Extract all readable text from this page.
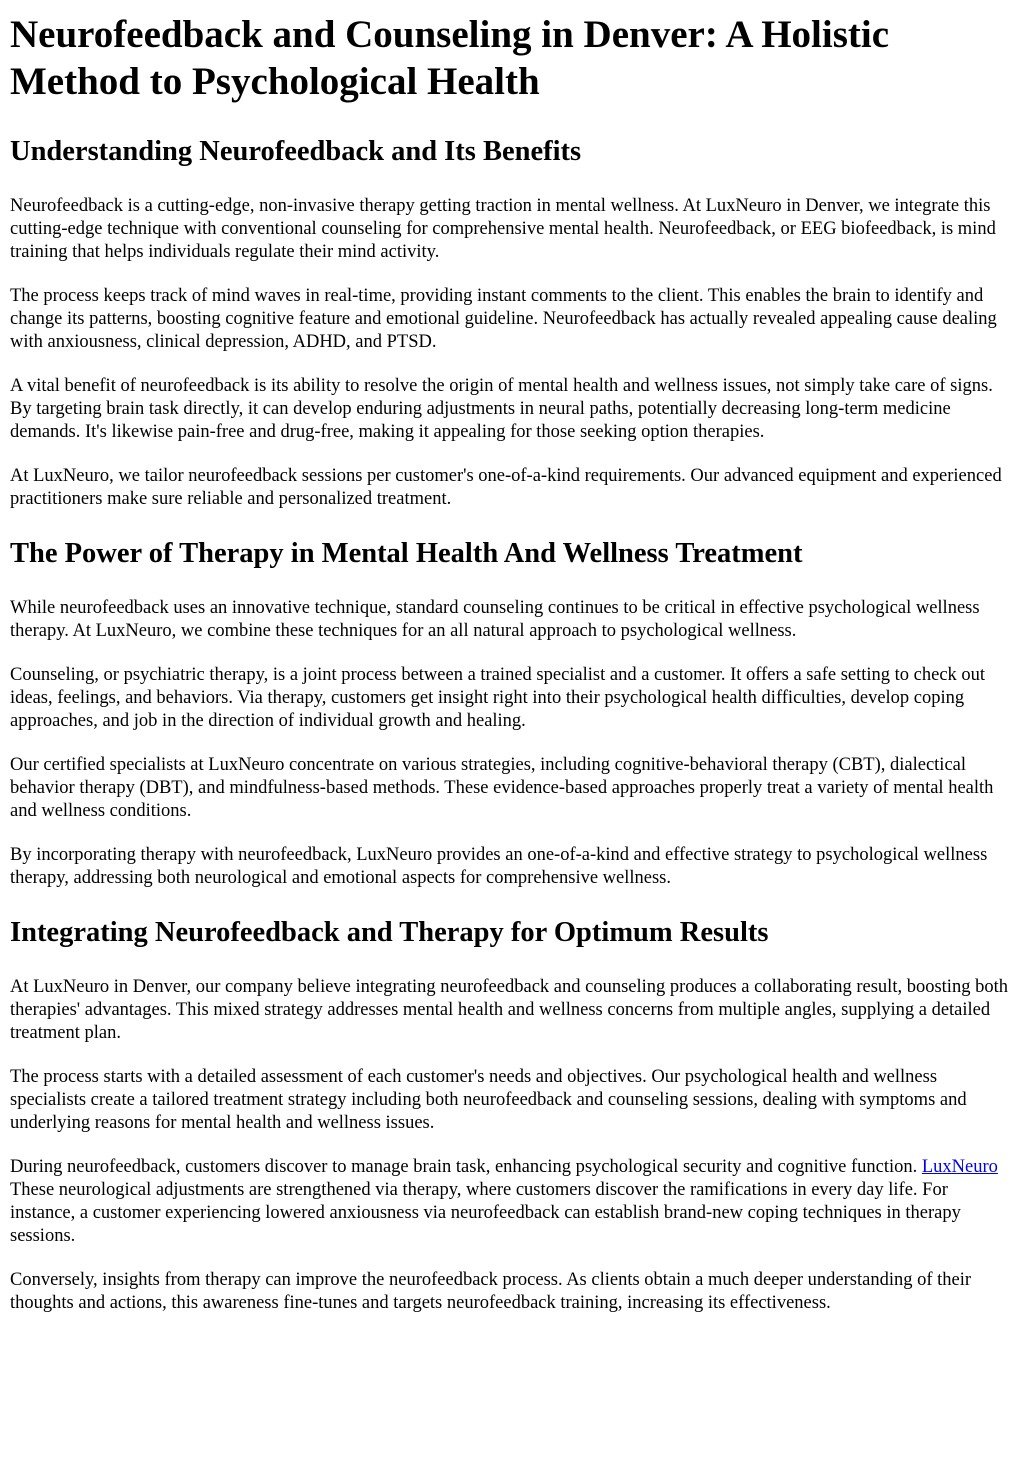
Neurofeedback and Counseling in Denver: A Holistic Method to Psychological Health
Understanding Neurofeedback and Its Benefits

Neurofeedback is a cutting-edge, non-invasive therapy getting traction in mental wellness. At LuxNeuro in Denver, we integrate this cutting-edge technique with conventional counseling for comprehensive mental health. Neurofeedback, or EEG biofeedback, is mind training that helps individuals regulate their mind activity.

The process keeps track of mind waves in real-time, providing instant comments to the client. This enables the brain to identify and change its patterns, boosting cognitive feature and emotional guideline. Neurofeedback has actually revealed appealing cause dealing with anxiousness, clinical depression, ADHD, and PTSD.

A vital benefit of neurofeedback is its ability to resolve the origin of mental health and wellness issues, not simply take care of signs. By targeting brain task directly, it can develop enduring adjustments in neural paths, potentially decreasing long-term medicine demands. It's likewise pain-free and drug-free, making it appealing for those seeking option therapies.

At LuxNeuro, we tailor neurofeedback sessions per customer's one-of-a-kind requirements. Our advanced equipment and experienced practitioners make sure reliable and personalized treatment.

The Power of Therapy in Mental Health And Wellness Treatment

While neurofeedback uses an innovative technique, standard counseling continues to be critical in effective psychological wellness therapy. At LuxNeuro, we combine these techniques for an all natural approach to psychological wellness.

Counseling, or psychiatric therapy, is a joint process between a trained specialist and a customer. It offers a safe setting to check out ideas, feelings, and behaviors. Via therapy, customers get insight right into their psychological health difficulties, develop coping approaches, and job in the direction of individual growth and healing.

Our certified specialists at LuxNeuro concentrate on various strategies, including cognitive-behavioral therapy (CBT), dialectical behavior therapy (DBT), and mindfulness-based methods. These evidence-based approaches properly treat a variety of mental health and wellness conditions.

By incorporating therapy with neurofeedback, LuxNeuro provides an one-of-a-kind and effective strategy to psychological wellness therapy, addressing both neurological and emotional aspects for comprehensive wellness.

Integrating Neurofeedback and Therapy for Optimum Results

At LuxNeuro in Denver, our company believe integrating neurofeedback and counseling produces a collaborating result, boosting both therapies' advantages. This mixed strategy addresses mental health and wellness concerns from multiple angles, supplying a detailed treatment plan.

The process starts with a detailed assessment of each customer's needs and objectives. Our psychological health and wellness specialists create a tailored treatment strategy including both neurofeedback and counseling sessions, dealing with symptoms and underlying reasons for mental health and wellness issues.

During neurofeedback, customers discover to manage brain task, enhancing psychological security and cognitive function. LuxNeuro These neurological adjustments are strengthened via therapy, where customers discover the ramifications in every day life. For instance, a customer experiencing lowered anxiousness via neurofeedback can establish brand-new coping techniques in therapy sessions.

Conversely, insights from therapy can improve the neurofeedback process. As clients obtain a much deeper understanding of their thoughts and actions, this awareness fine-tunes and targets neurofeedback training, increasing its effectiveness.
